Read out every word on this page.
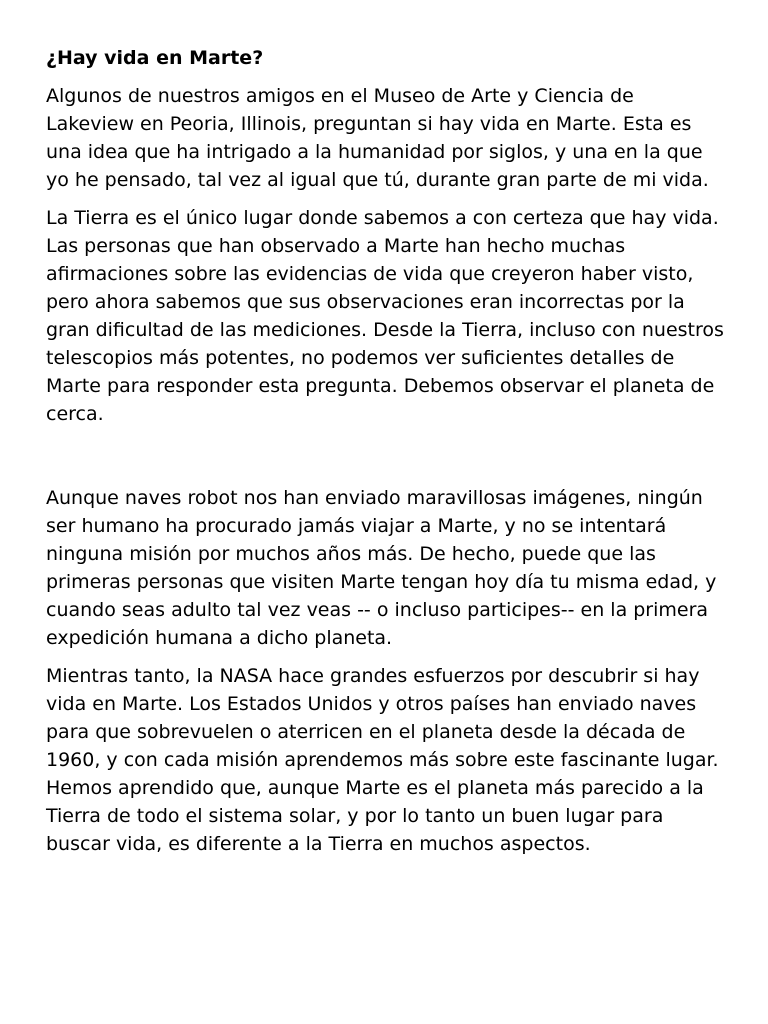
¿Hay vida en Marte?

Algunos de nuestros amigos en el Museo de Arte y Ciencia de Lakeview en Peoria, Illinois, preguntan si hay vida en Marte. Esta es una idea que ha intrigado a la humanidad por siglos, y una en la que yo he pensado, tal vez al igual que tú, durante gran parte de mi vida.

La Tierra es el único lugar donde sabemos a con certeza que hay vida. Las personas que han observado a Marte han hecho muchas afirmaciones sobre las evidencias de vida que creyeron haber visto, pero ahora sabemos que sus observaciones eran incorrectas por la gran dificultad de las mediciones. Desde la Tierra, incluso con nuestros telescopios más potentes, no podemos ver suficientes detalles de Marte para responder esta pregunta. Debemos observar el planeta de cerca.

Aunque naves robot nos han enviado maravillosas imágenes, ningún ser humano ha procurado jamás viajar a Marte, y no se intentará ninguna misión por muchos años más. De hecho, puede que las primeras personas que visiten Marte tengan hoy día tu misma edad, y cuando seas adulto tal vez veas -- o incluso participes-- en la primera expedición humana a dicho planeta.

Mientras tanto, la NASA hace grandes esfuerzos por descubrir si hay vida en Marte. Los Estados Unidos y otros países han enviado naves para que sobrevuelen o aterricen en el planeta desde la década de 1960, y con cada misión aprendemos más sobre este fascinante lugar. Hemos aprendido que, aunque Marte es el planeta más parecido a la Tierra de todo el sistema solar, y por lo tanto un buen lugar para buscar vida, es diferente a la Tierra en muchos aspectos.
